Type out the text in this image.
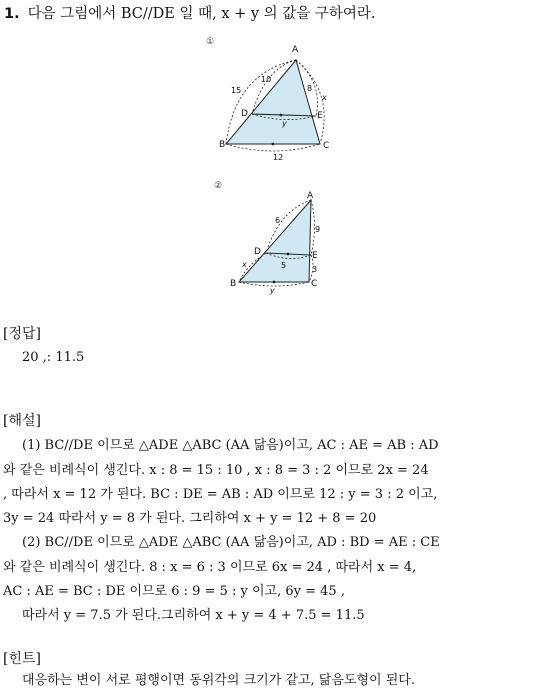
1. 다음 그림에서 BC//DE 일 때, x + y 의 값을 구하여라.
①
A
B	C
D	E
10
15	8
x
y
12
②
A
B	C
D	E
6
9
x	5	3
y
[정답]
20 ,: 11.5
[해설]
(1) BC//DE 이므로 △ADE △ABC (AA 닮음)이고, AC : AE = AB : AD
와 같은 비례식이 생긴다. x : 8 = 15 : 10 , x : 8 = 3 : 2 이므로 2x = 24
, 따라서 x = 12 가 된다. BC : DE = AB : AD 이므로 12 : y = 3 : 2 이고,
3y = 24 따라서 y = 8 가 된다. 그리하여 x + y = 12 + 8 = 20
(2) BC//DE 이므로 △ADE △ABC (AA 닮음)이고, AD : BD = AE : CE
와 같은 비례식이 생긴다. 8 : x = 6 : 3 이므로 6x = 24 , 따라서 x = 4,
AC : AE = BC : DE 이므로 6 : 9 = 5 : y 이고, 6y = 45 ,
따라서 y = 7.5 가 된다.그리하여 x + y = 4 + 7.5 = 11.5
[힌트]
대응하는 변이 서로 평행이면 동위각의 크기가 같고, 닮음도형이 된다.
